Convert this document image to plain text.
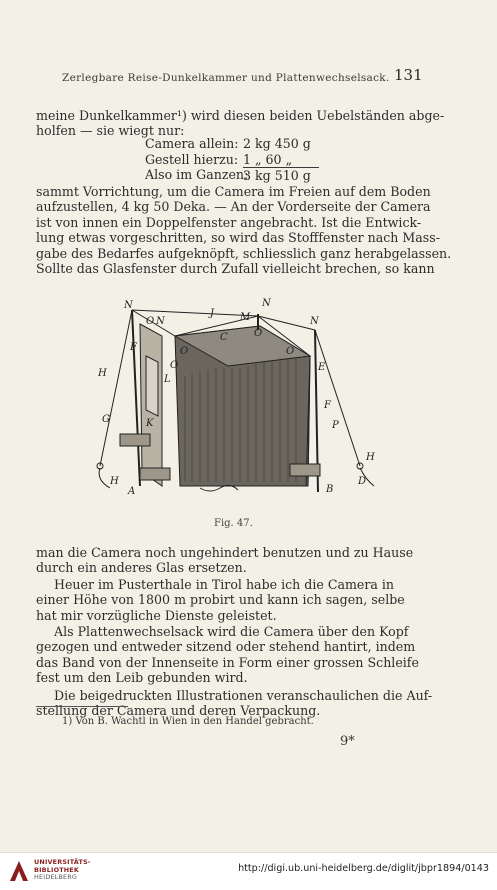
Zerlegbare Reise-Dunkelkammer und Plattenwechselsack. 131
meine Dunkelkammer¹) wird diesen beiden Uebelständen abge-
holfen — sie wiegt nur:
Camera allein: 2 kg 450 g
Gestell hierzu: 1 „ 60 „
Also im Ganzen:
3 kg 510 g
sammt Vorrichtung, um die Camera im Freien auf dem Boden
aufzustellen, 4 kg 50 Deka. — An der Vorderseite der Camera
ist von innen ein Doppelfenster angebracht. Ist die Entwick-
lung etwas vorgeschritten, so wird das Stofffenster nach Mass-
gabe des Bedarfes aufgeknöpft, schliesslich ganz herabgelassen.
Sollte das Glasfenster durch Zufall vielleicht brechen, so kann
N
O N
J	M
N
N
C
O	O
O
O
L
F
H
G	K
E
F
P
H
H
A	B
D
Fig. 47.
man die Camera noch ungehindert benutzen und zu Hause
durch ein anderes Glas ersetzen.
Heuer im Pusterthale in Tirol habe ich die Camera in
einer Höhe von 1800 m probirt und kann ich sagen, selbe
hat mir vorzügliche Dienste geleistet.
Als Plattenwechselsack wird die Camera über den Kopf
gezogen und entweder sitzend oder stehend hantirt, indem
das Band von der Innenseite in Form einer grossen Schleife
fest um den Leib gebunden wird.
Die beigedruckten Illustrationen veranschaulichen die Auf-
stellung der Camera und deren Verpackung.
1) Von B. Wachtl in Wien in den Handel gebracht.
9*
UNIVERSITÄTS-
BIBLIOTHEK
HEIDELBERG
http://digi.ub.uni-heidelberg.de/diglit/jbpr1894/0143
